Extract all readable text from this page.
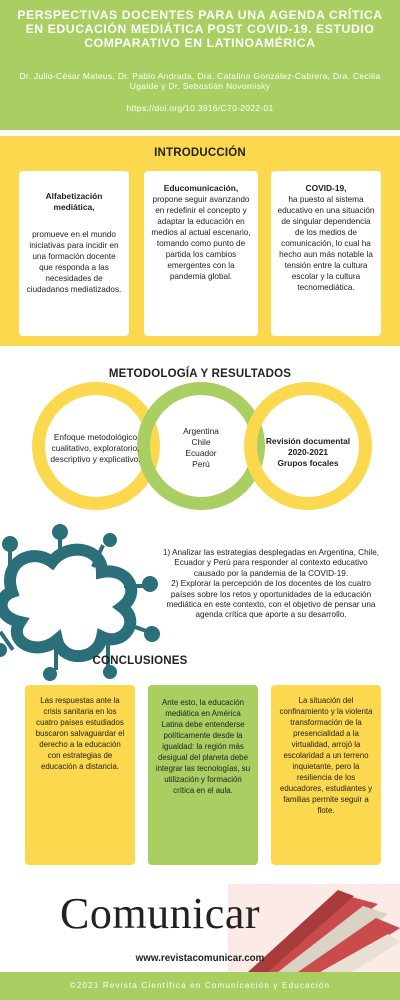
PERSPECTIVAS DOCENTES PARA UNA AGENDA CRÍTICA EN EDUCACIÓN MEDIÁTICA POST COVID-19. ESTUDIO COMPARATIVO EN LATINOAMÉRICA
Dr. Julio-César Mateus, Dr. Pablo Andrada, Dra. Catalina González-Cabrera, Dra. Cecilia Ugalde y Dr. Sebastián Novomisky
https://doi.org/10.3916/C70-2022-01
INTRODUCCIÓN
Alfabetización mediática,
promueve en el mundo iniciativas para incidir en una formación docente que responda a las necesidades de ciudadanos mediatizados.
Educomunicación,
propone seguir avanzando en redefinir el concepto y adaptar la educación en medios al actual escenario, tomando como punto de partida los cambios emergentes con la pandemia global.
COVID-19,
ha puesto al sistema educativo en una situación de singular dependencia de los medios de comunicación, lo cual ha hecho aun más notable la tensión entre la cultura escolar y la cultura tecnomediática.
METODOLOGÍA Y RESULTADOS
Enfoque metodológico cualitativo, exploratorio, descriptivo y explicativo.
Argentina
Chile
Ecuador
Perú
Revisión documental
2020-2021
Grupos focales
1) Analizar las estrategias desplegadas en Argentina, Chile, Ecuador y Perú para responder al contexto educativo causado por la pandemia de la COVID-19.
2) Explorar la percepción de los docentes de los cuatro países sobre los retos y oportunidades de la educación mediática en este contexto, con el objetivo de pensar una agenda crítica que aporte a su desarrollo.
CONCLUSIONES
Las respuestas ante la crisis sanitaria en los cuatro países estudiados buscaron salvaguardar el derecho a la educación con estrategias de educación a distancia.
Ante esto, la educación mediática en América Latina debe entenderse políticamente desde la igualdad: la región más desigual del planeta debe integrar las tecnologías, su utilización y formación crítica en el aula.
La situación del confinamiento y la violenta transformación de la presencialidad a la virtualidad, arrojó la escolaridad a un terreno inquietante, pero la resiliencia de los educadores, estudiantes y familias permite seguir a flote.
Comunicar
www.revistacomunicar.com
©2021 Revista Científica en Comunicación y Educación
